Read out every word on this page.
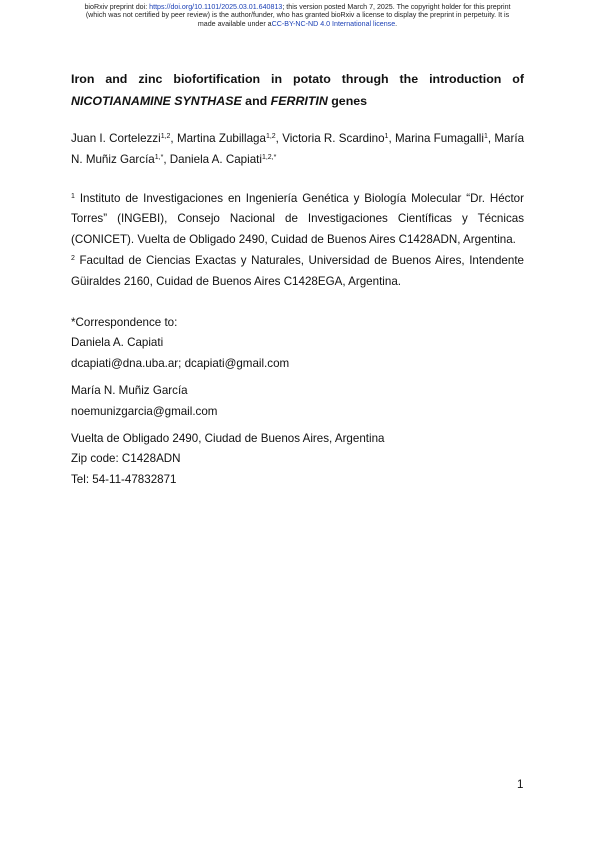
bioRxiv preprint doi: https://doi.org/10.1101/2025.03.01.640813; this version posted March 7, 2025. The copyright holder for this preprint
(which was not certified by peer review) is the author/funder, who has granted bioRxiv a license to display the preprint in perpetuity. It is
made available under aCC-BY-NC-ND 4.0 International license.

Iron and zinc biofortification in potato through the introduction of
NICOTIANAMINE SYNTHASE and FERRITIN genes

Juan I. Cortelezzi$^{1,2}$, Martina Zubillaga$^{1,2}$, Victoria R. Scardino$^1$, Marina Fumagalli$^1$, María N. Muñiz García$^{1,*}$, Daniela A. Capiati$^{1,2,*}$

$^1$ Instituto de Investigaciones en Ingeniería Genética y Biología Molecular “Dr. Héctor Torres” (INGEBI), Consejo Nacional de Investigaciones Científicas y Técnicas (CONICET). Vuelta de Obligado 2490, Cuidad de Buenos Aires C1428ADN, Argentina.

$^2$ Facultad de Ciencias Exactas y Naturales, Universidad de Buenos Aires, Intendente Güiraldes 2160, Cuidad de Buenos Aires C1428EGA, Argentina.

*Correspondence to:

Daniela A. Capiati

dcapiati@dna.uba.ar; dcapiati@gmail.com

María N. Muñiz García

noemunizgarcia@gmail.com

Vuelta de Obligado 2490, Ciudad de Buenos Aires, Argentina

Zip code: C1428ADN

Tel: 54-11-47832871

1
